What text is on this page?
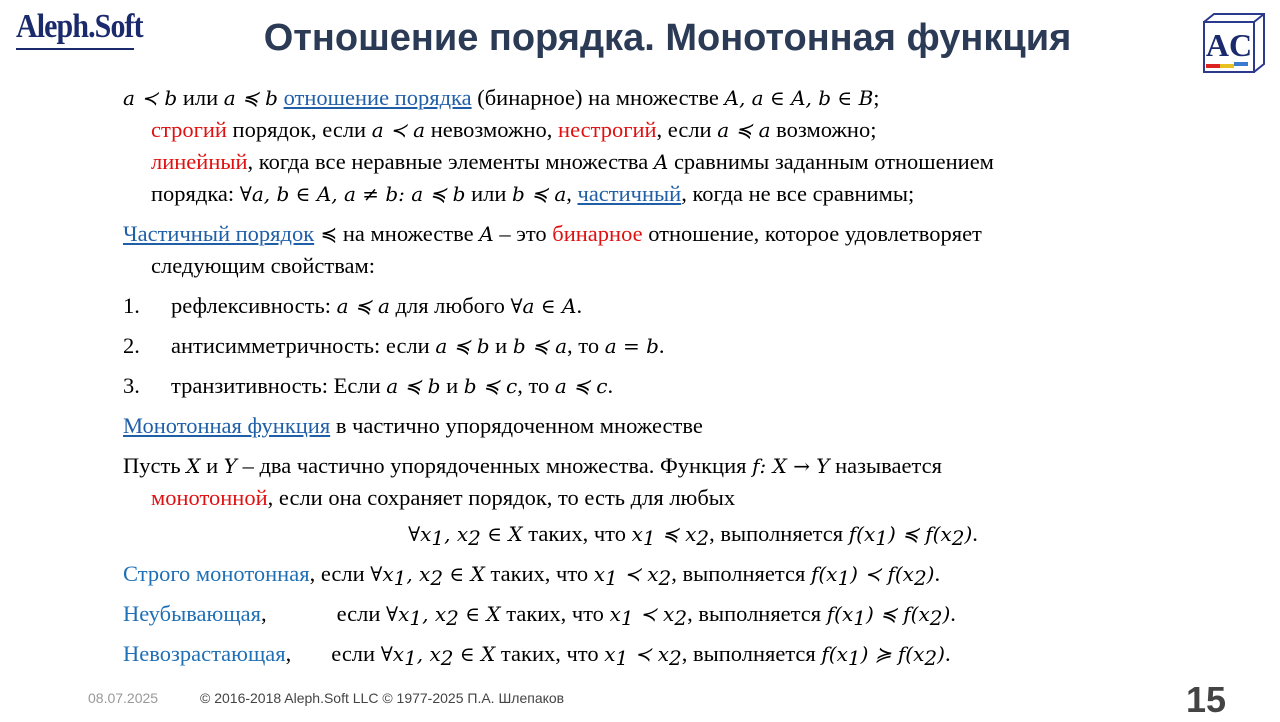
Aleph.Soft	Отношение порядка. Монотонная функция	AC

a ≺ b или a ≼ b отношение порядка (бинарное) на множестве A, a ∈ A, b ∈ B;

строгий порядок, если a ≺ a невозможно, нестрогий, если a ≼ a возможно;

линейный, когда все неравные элементы множества A сравнимы заданным отношением

порядка: ∀a, b ∈ A, a ≠ b: a ≼ b или b ≼ a, частичный, когда не все сравнимы;

Частичный порядок ≼ на множестве A – это бинарное отношение, которое удовлетворяет

следующим свойствам:

1. рефлексивность: a ≼ a для любого ∀a ∈ A.

2. антисимметричность: если a ≼ b и b ≼ a, то a = b.

3. транзитивность: Если a ≼ b и b ≼ c, то a ≼ c.

Монотонная функция в частично упорядоченном множестве

Пусть X и Y – два частично упорядоченных множества. Функция f: X → Y называется

монотонной, если она сохраняет порядок, то есть для любых

$\forall x_1$, $x_2$ ∈ X таких, что $x_1$ ≼ $x_2$, выполняется $f(x_1)$ ≼ $f(x_2)$.

Строго монотонная, если $\forall x_1$, $x_2$ ∈ X таких, что $x_1$ ≺ $x_2$, выполняется $f(x_1)$ ≺ $f(x_2)$.

Неубывающая,	если $\forall x_1$, $x_2$ ∈ X таких, что $x_1$ ≺ $x_2$, выполняется $f(x_1)$ ≼ $f(x_2)$.

Невозрастающая, если $\forall x_1$, $x_2$ ∈ X таких, что $x_1$ ≺ $x_2$, выполняется $f(x_1)$ ≽ $f(x_2)$.

08.07.2025	© 2016-2018 Aleph.Soft LLC © 1977-2025 П.А. Шлепаков	15
